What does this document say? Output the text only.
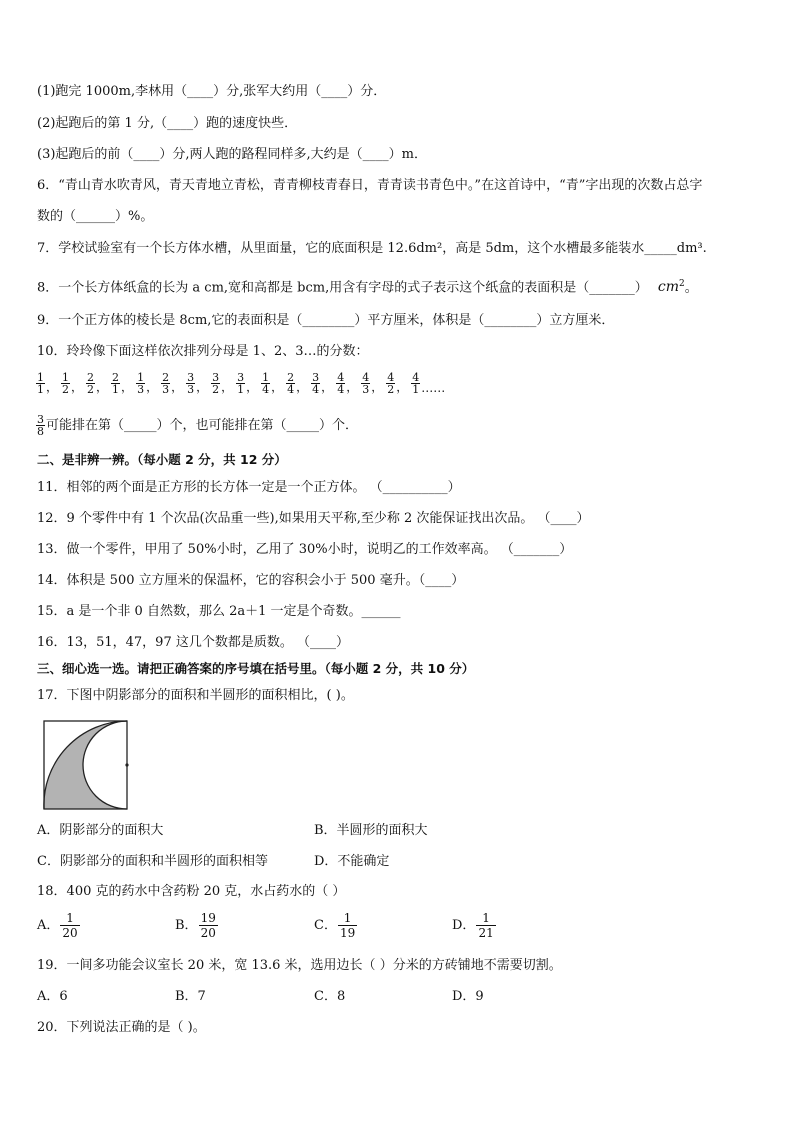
(1)跑完 1000m,李林用（____）分,张军大约用（____）分．
(2)起跑后的第 1 分,（____）跑的速度快些．
(3)起跑后的前（____）分,两人跑的路程同样多,大约是（____）m．
6．“青山青水吹青风，青天青地立青松，青青柳枝青春日，青青读书青色中。”在这首诗中，“青”字出现的次数占总字
数的（______）%。
7．学校试验室有一个长方体水槽，从里面量，它的底面积是 12.6dm²，高是 5dm，这个水槽最多能装水_____dm³.
8．一个长方体纸盒的长为 a cm,宽和高都是 bcm,用含有字母的式子表示这个纸盒的表面积是（_______） $cm^2$。
9．一个正方体的棱长是 8cm,它的表面积是（________）平方厘米，体积是（________）立方厘米．
10．玲玲像下面这样依次排列分母是 1、2、3…的分数：
$\frac{1}{1}$ ， $\frac{1}{2}$ ， $\frac{2}{2}$ ， $\frac{2}{1}$ ， $\frac{1}{3}$ ， $\frac{2}{3}$ ， $\frac{3}{3}$ ， $\frac{3}{2}$ ， $\frac{3}{1}$ ， $\frac{1}{4}$ ， $\frac{2}{4}$ ， $\frac{3}{4}$ ， $\frac{4}{4}$ ， $\frac{4}{3}$ ， $\frac{4}{2}$ ， $\frac{4}{1}$ ……
$\frac{3}{8}$ 可能排在第（_____）个，也可能排在第（_____）个．
二、是非辨一辨。（每小题 2 分，共 12 分）
11．相邻的两个面是正方形的长方体一定是一个正方体。 （__________）
12．9 个零件中有 1 个次品(次品重一些),如果用天平称,至少称 2 次能保证找出次品。 （____）
13．做一个零件，甲用了 50%小时，乙用了 30%小时，说明乙的工作效率高。 （_______）
14．体积是 500 立方厘米的保温杯，它的容积会小于 500 毫升。（____）
15．a 是一个非 0 自然数，那么 2a＋1 一定是个奇数。______
16．13，51，47，97 这几个数都是质数。 （____）
三、细心选一选。请把正确答案的序号填在括号里。（每小题 2 分，共 10 分）
17．下图中阴影部分的面积和半圆形的面积相比，( )。
A．阴影部分的面积大	B．半圆形的面积大
C．阴影部分的面积和半圆形的面积相等	D．不能确定
18．400 克的药水中含药粉 20 克，水占药水的（ ）
A． $\frac{1}{20}$	B． $\frac{19}{20}$	C． $\frac{1}{19}$	D． $\frac{1}{21}$
19．一间多功能会议室长 20 米，宽 13.6 米，选用边长（ ）分米的方砖铺地不需要切割。
A．6	B．7	C．8	D．9
20．下列说法正确的是（ )。
